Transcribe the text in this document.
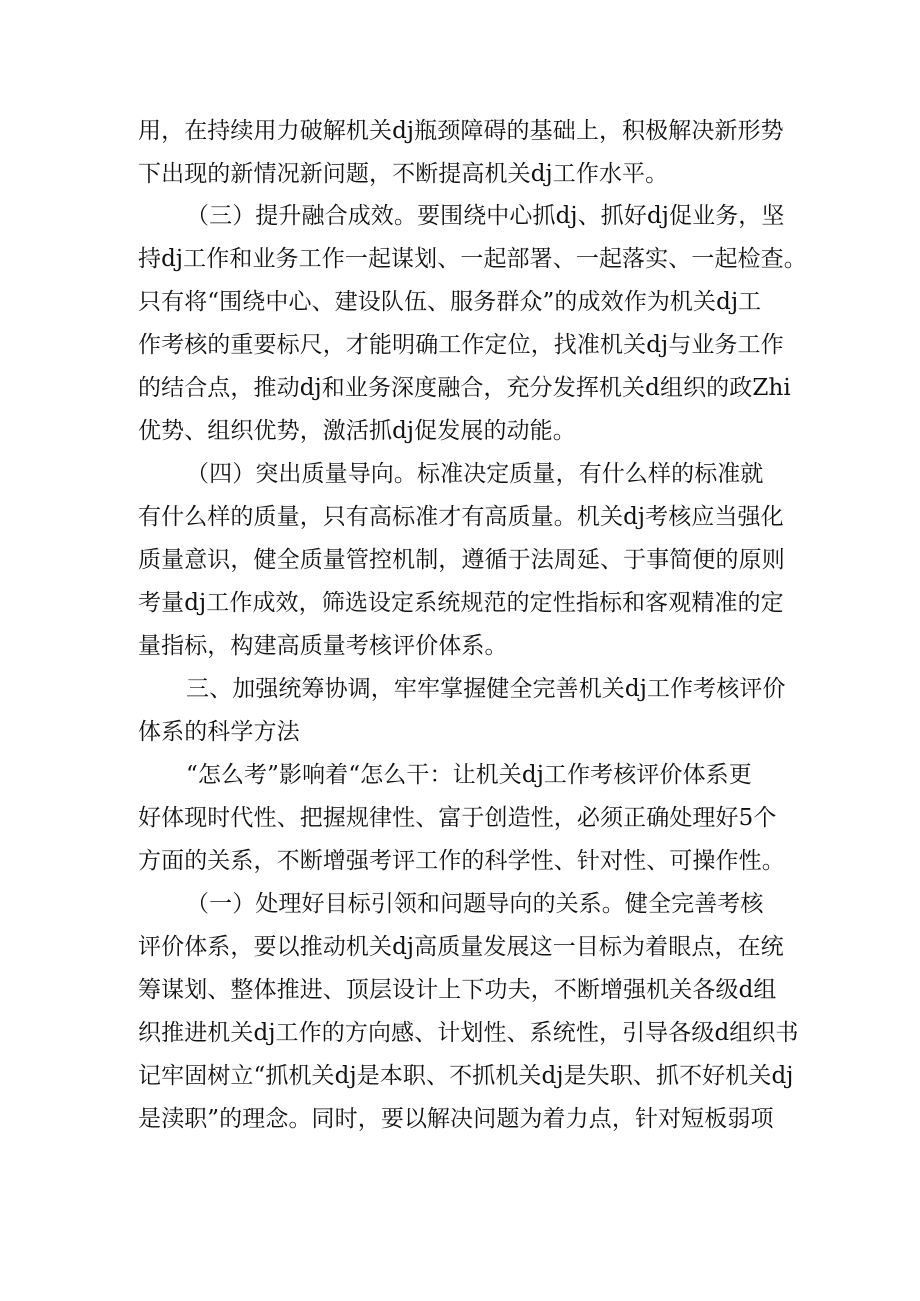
用，在持续用力破解机关dj瓶颈障碍的基础上，积极解决新形势
下出现的新情况新问题，不断提高机关dj工作水平。
（三）提升融合成效。要围绕中心抓dj、抓好dj促业务，坚
持dj工作和业务工作一起谋划、一起部署、一起落实、一起检查。
只有将“围绕中心、建设队伍、服务群众”的成效作为机关dj工
作考核的重要标尺，才能明确工作定位，找准机关dj与业务工作
的结合点，推动dj和业务深度融合，充分发挥机关d组织的政Zhi
优势、组织优势，激活抓dj促发展的动能。
（四）突出质量导向。标准决定质量，有什么样的标准就
有什么样的质量，只有高标准才有高质量。机关dj考核应当强化
质量意识，健全质量管控机制，遵循于法周延、于事简便的原则
考量dj工作成效，筛选设定系统规范的定性指标和客观精准的定
量指标，构建高质量考核评价体系。
三、加强统筹协调，牢牢掌握健全完善机关dj工作考核评价
体系的科学方法
“怎么考”影响着“怎么干：让机关dj工作考核评价体系更
好体现时代性、把握规律性、富于创造性，必须正确处理好5个
方面的关系，不断增强考评工作的科学性、针对性、可操作性。
（一）处理好目标引领和问题导向的关系。健全完善考核
评价体系，要以推动机关dj高质量发展这一目标为着眼点，在统
筹谋划、整体推进、顶层设计上下功夫，不断增强机关各级d组
织推进机关dj工作的方向感、计划性、系统性，引导各级d组织书
记牢固树立“抓机关dj是本职、不抓机关dj是失职、抓不好机关dj
是渎职”的理念。同时，要以解决问题为着力点，针对短板弱项
